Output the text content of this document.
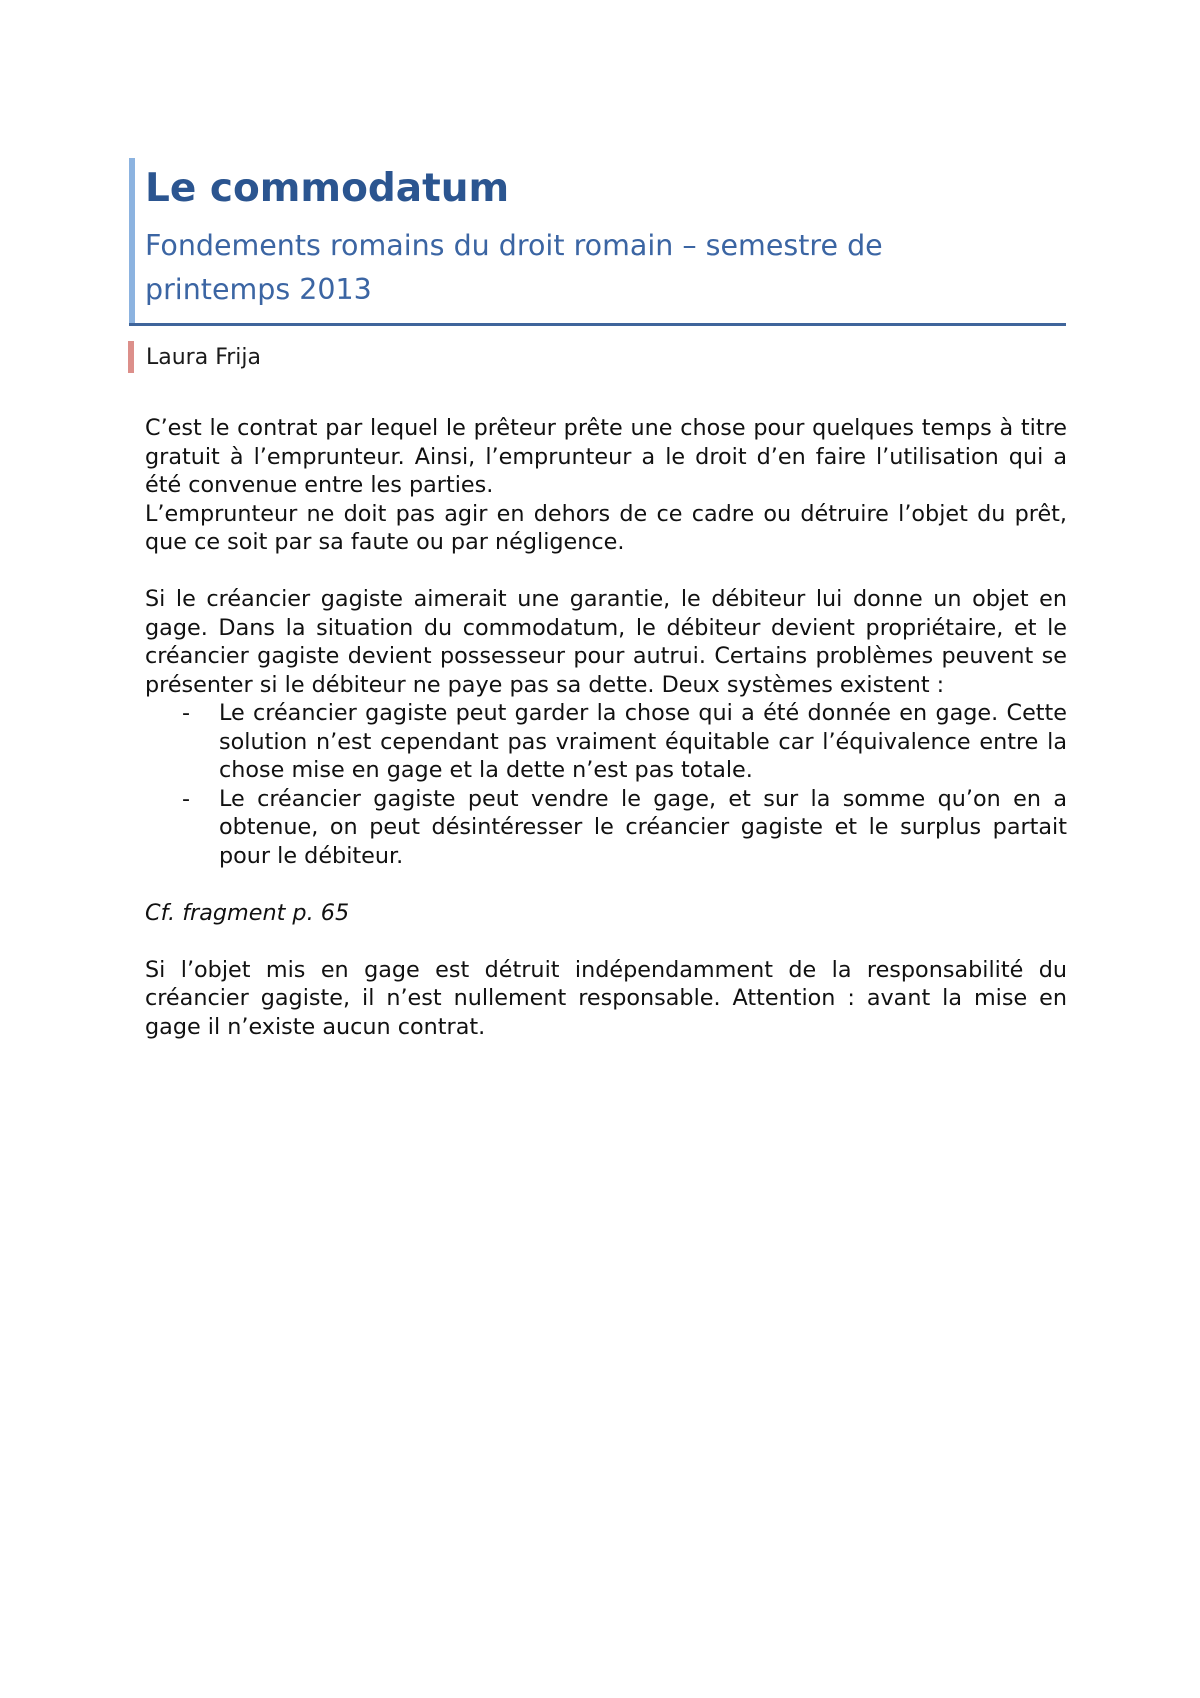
Le commodatum

Fondements romains du droit romain – semestre de printemps 2013

Laura Frija

C’est le contrat par lequel le prêteur prête une chose pour quelques temps à titre gratuit à l’emprunteur. Ainsi, l’emprunteur a le droit d’en faire l’utilisation qui a été convenue entre les parties.

L’emprunteur ne doit pas agir en dehors de ce cadre ou détruire l’objet du prêt, que ce soit par sa faute ou par négligence.

Si le créancier gagiste aimerait une garantie, le débiteur lui donne un objet en gage. Dans la situation du commodatum, le débiteur devient propriétaire, et le créancier gagiste devient possesseur pour autrui. Certains problèmes peuvent se présenter si le débiteur ne paye pas sa dette. Deux systèmes existent :

- Le créancier gagiste peut garder la chose qui a été donnée en gage. Cette solution n’est cependant pas vraiment équitable car l’équivalence entre la chose mise en gage et la dette n’est pas totale.
- Le créancier gagiste peut vendre le gage, et sur la somme qu’on en a obtenue, on peut désintéresser le créancier gagiste et le surplus partait pour le débiteur.

Cf. fragment p. 65

Si l’objet mis en gage est détruit indépendamment de la responsabilité du créancier gagiste, il n’est nullement responsable. Attention : avant la mise en gage il n’existe aucun contrat.
